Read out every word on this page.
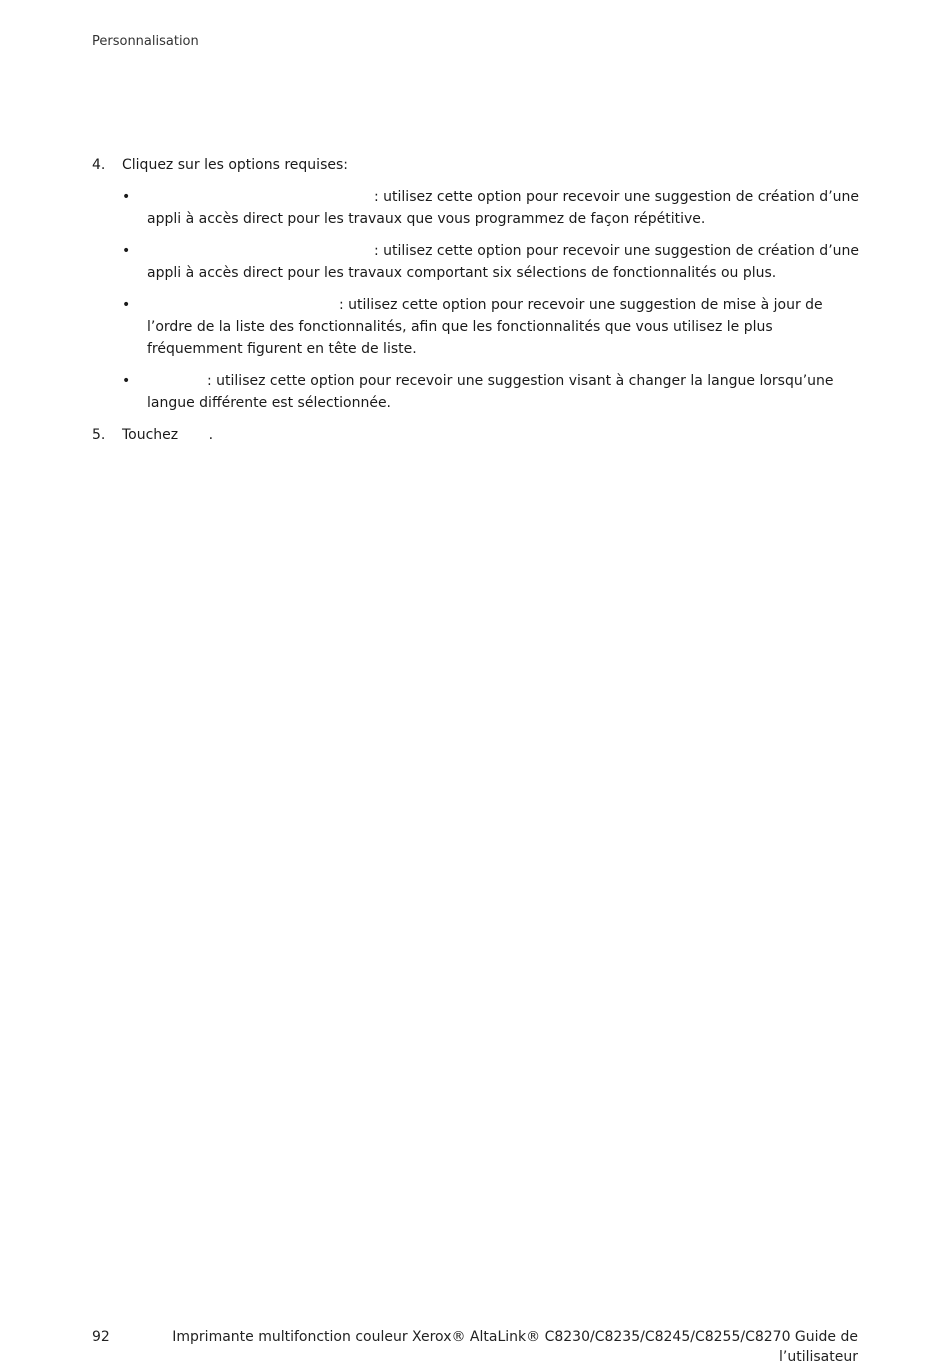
Personnalisation
4. Cliquez sur les options requises:
•	: utilisez cette option pour recevoir une suggestion de création d’une appli à accès direct pour les travaux que vous programmez de façon répétitive.
•	: utilisez cette option pour recevoir une suggestion de création d’une appli à accès direct pour les travaux comportant six sélections de fonctionnalités ou plus.
•	: utilisez cette option pour recevoir une suggestion de mise à jour de l’ordre de la liste des fonctionnalités, afin que les fonctionnalités que vous utilisez le plus fréquemment figurent en tête de liste.
•	: utilisez cette option pour recevoir une suggestion visant à changer la langue lorsqu’une langue différente est sélectionnée.
5. Touchez .
92	Imprimante multifonction couleur Xerox® AltaLink® C8230/C8235/C8245/C8255/C8270 Guide de l’utilisateur
